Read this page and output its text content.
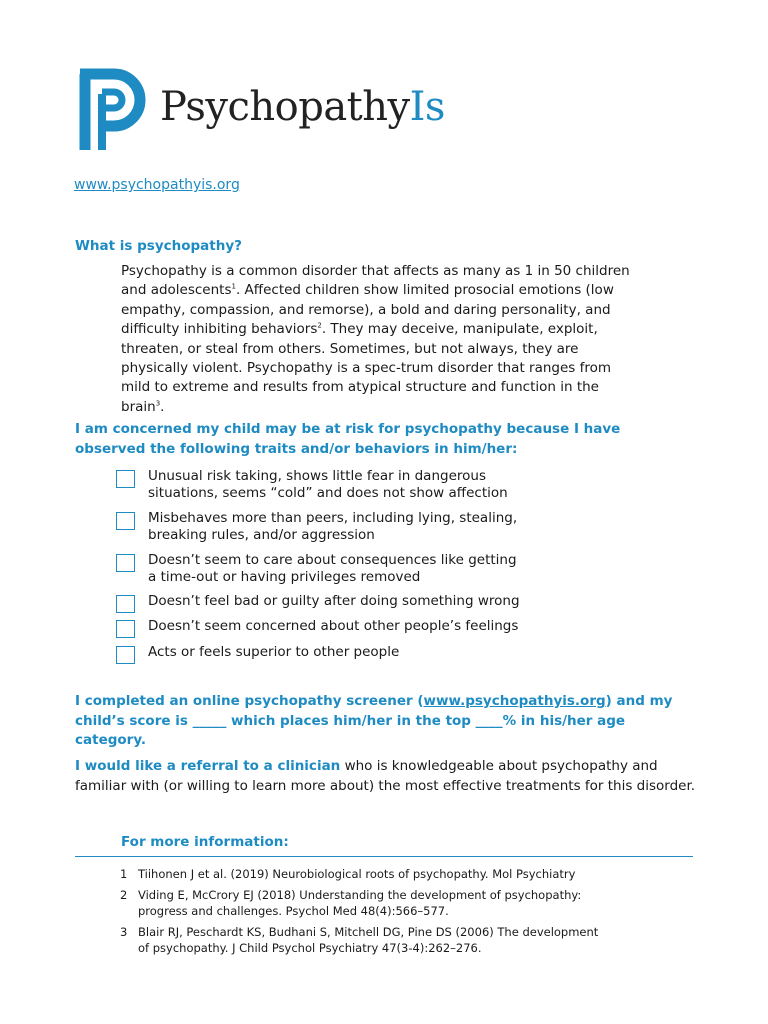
PsychopathyIs
www.psychopathyis.org
What is psychopathy?
Psychopathy is a common disorder that affects as many as 1 in 50 children and adolescents$^1$. Affected children show limited prosocial emotions (low empathy, compassion, and remorse), a bold and daring personality, and difficulty inhibiting behaviors$^2$. They may deceive, manipulate, exploit, threaten, or steal from others. Sometimes, but not always, they are physically violent. Psychopathy is a spec-trum disorder that ranges from mild to extreme and results from atypical structure and function in the brain$^3$.
I am concerned my child may be at risk for psychopathy because I have observed the following traits and/or behaviors in him/her:
Unusual risk taking, shows little fear in dangerous situations, seems “cold” and does not show affection
Misbehaves more than peers, including lying, stealing, breaking rules, and/or aggression
Doesn’t seem to care about consequences like getting a time-out or having privileges removed
Doesn’t feel bad or guilty after doing something wrong
Doesn’t seem concerned about other people’s feelings
Acts or feels superior to other people
I completed an online psychopathy screener (www.psychopathyis.org) and my child’s score is _____ which places him/her in the top ____% in his/her age category.
I would like a referral to a clinician who is knowledgeable about psychopathy and familiar with (or willing to learn more about) the most effective treatments for this disorder.
For more information:
1 Tiihonen J et al. (2019) Neurobiological roots of psychopathy. Mol Psychiatry
2 Viding E, McCrory EJ (2018) Understanding the development of psychopathy: progress and challenges. Psychol Med 48(4):566–577.
3 Blair RJ, Peschardt KS, Budhani S, Mitchell DG, Pine DS (2006) The development of psychopathy. J Child Psychol Psychiatry 47(3-4):262–276.
